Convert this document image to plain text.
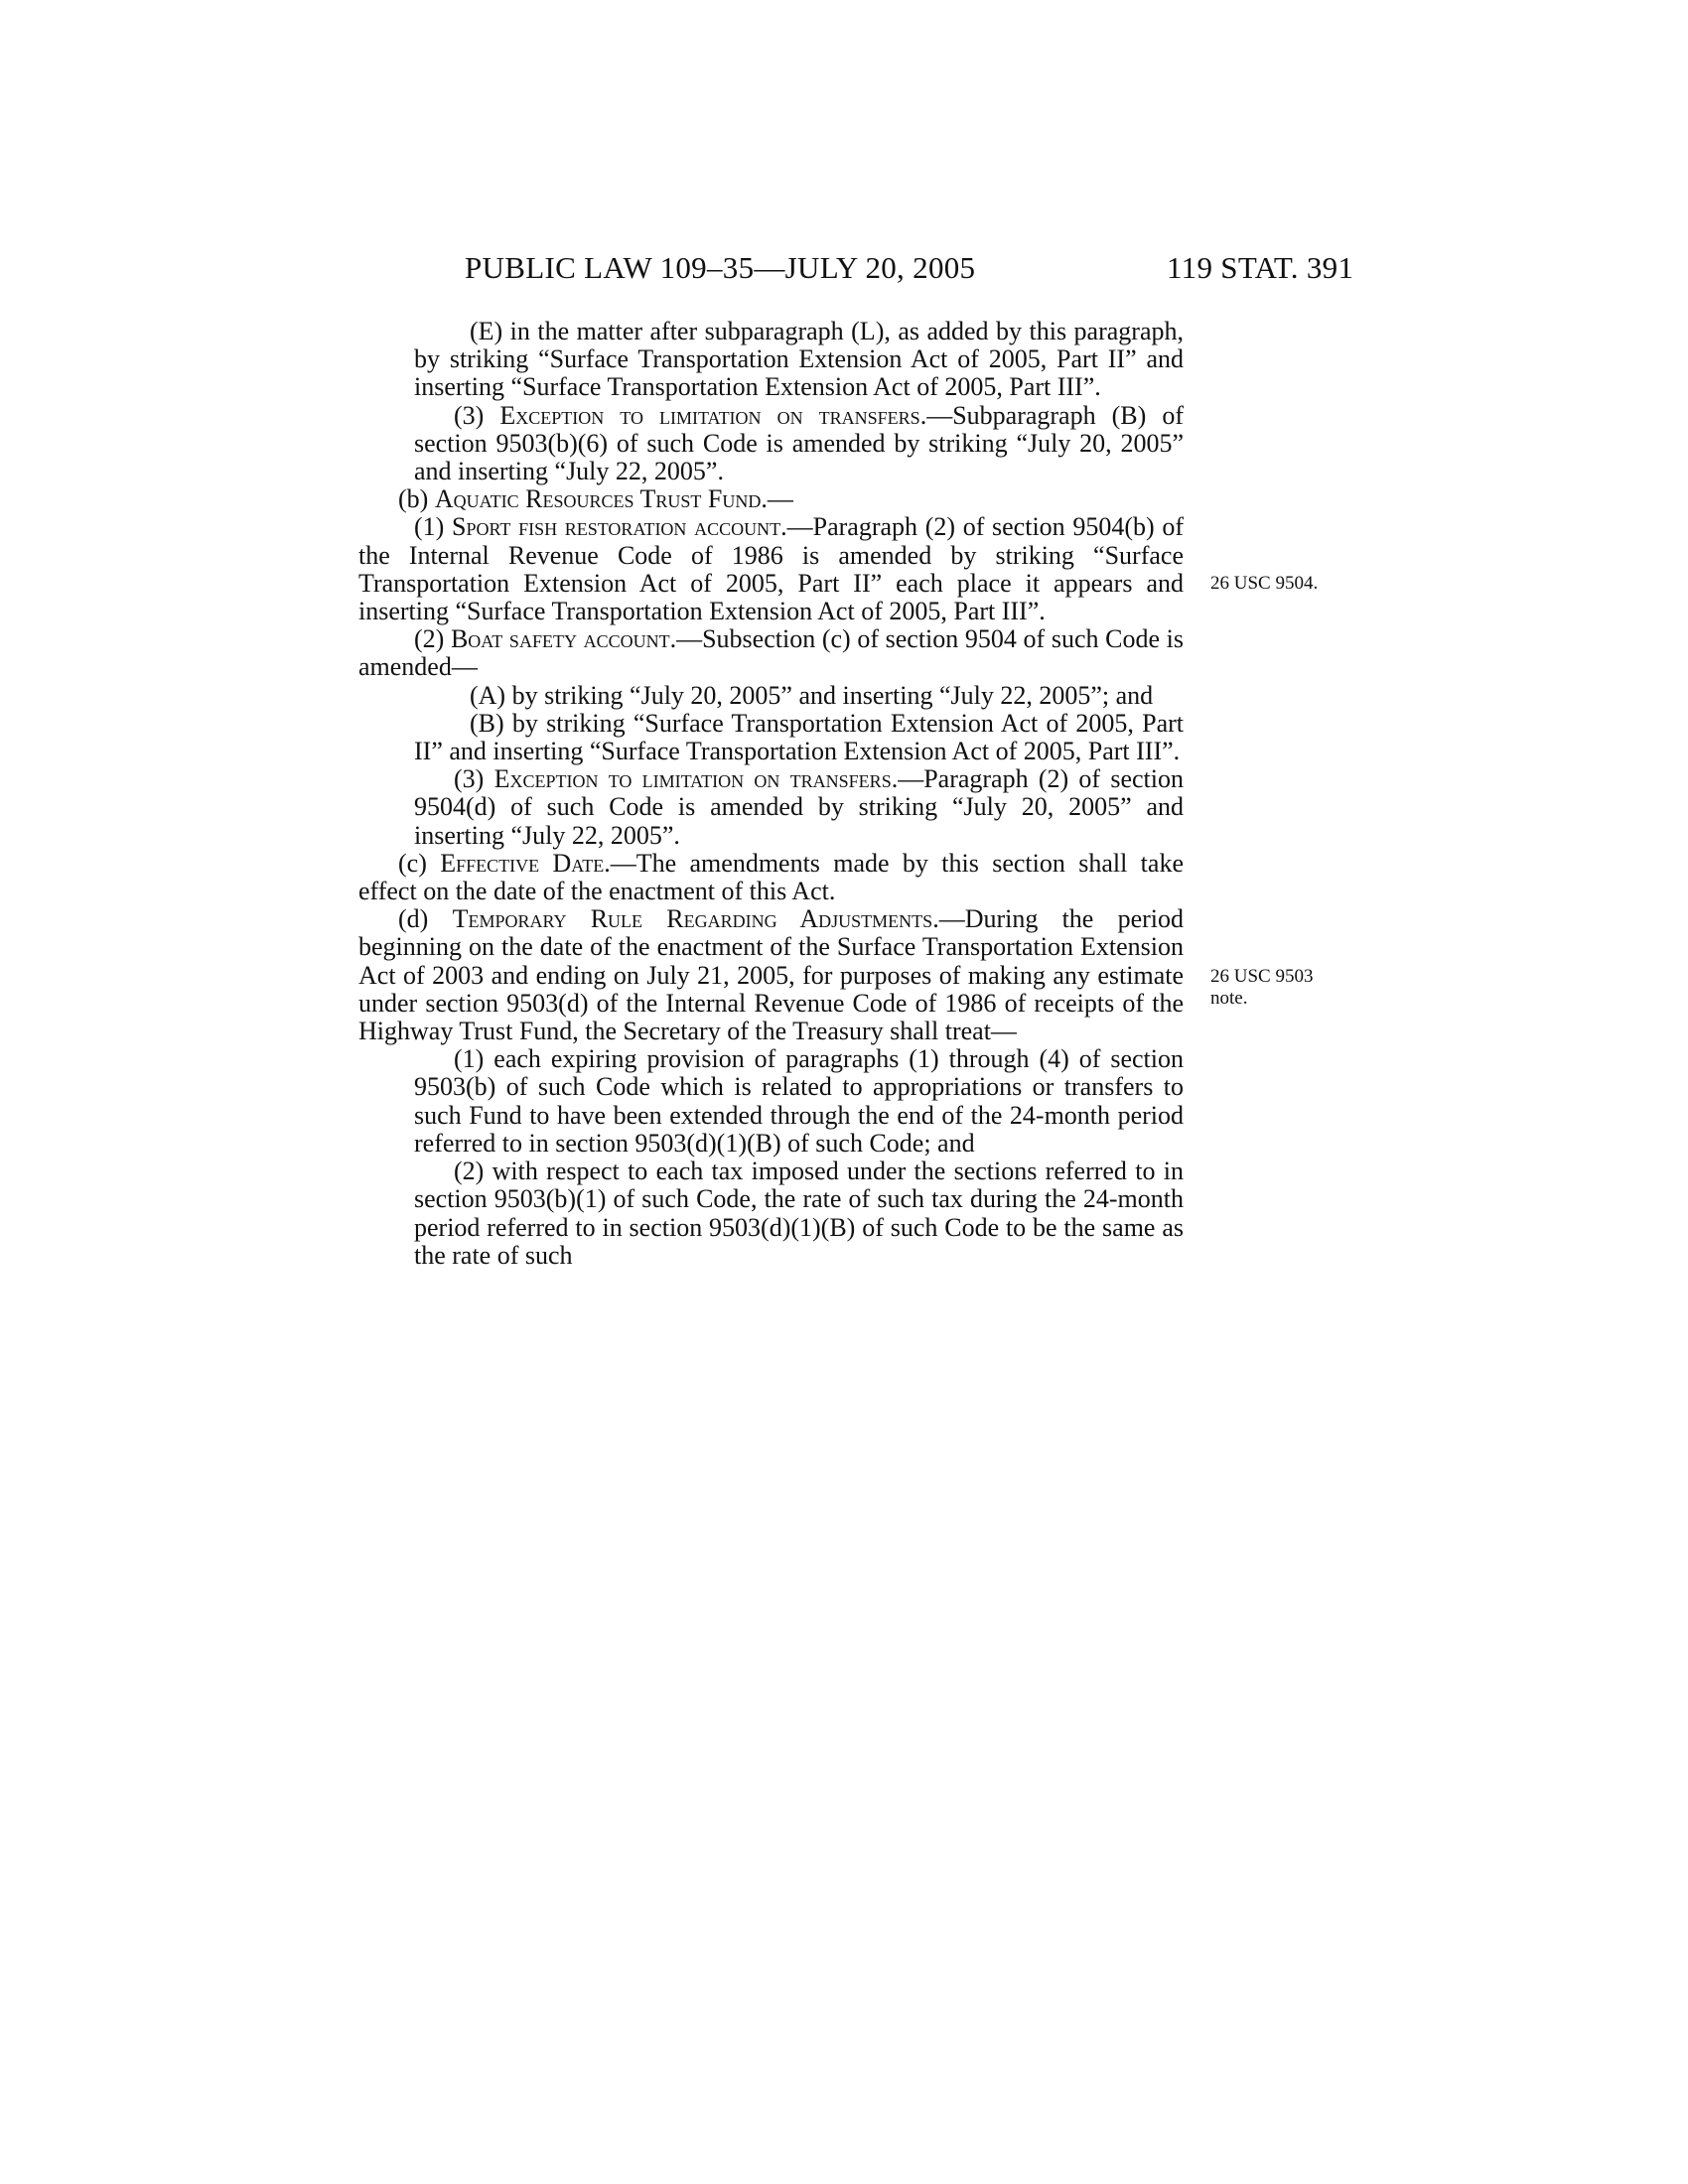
PUBLIC LAW 109–35—JULY 20, 2005	119 STAT. 391

(E) in the matter after subparagraph (L), as added by this paragraph, by striking “Surface Transportation Extension Act of 2005, Part II” and inserting “Surface Transportation Extension Act of 2005, Part III”.

(3) Exception to limitation on transfers.—Subparagraph (B) of section 9503(b)(6) of such Code is amended by striking “July 20, 2005” and inserting “July 22, 2005”.

(b) Aquatic Resources Trust Fund.—

(1) Sport fish restoration account.—Paragraph (2) of section 9504(b) of the Internal Revenue Code of 1986 is amended by striking “Surface Transportation Extension Act of 2005, Part II” each place it appears and inserting “Surface Transportation Extension Act of 2005, Part III”.

(2) Boat safety account.—Subsection (c) of section 9504 of such Code is amended—

(A) by striking “July 20, 2005” and inserting “July 22, 2005”; and

(B) by striking “Surface Transportation Extension Act of 2005, Part II” and inserting “Surface Transportation Extension Act of 2005, Part III”.

(3) Exception to limitation on transfers.—Paragraph (2) of section 9504(d) of such Code is amended by striking “July 20, 2005” and inserting “July 22, 2005”.

(c) Effective Date.—The amendments made by this section shall take effect on the date of the enactment of this Act.

(d) Temporary Rule Regarding Adjustments.—During the period beginning on the date of the enactment of the Surface Transportation Extension Act of 2003 and ending on July 21, 2005, for purposes of making any estimate under section 9503(d) of the Internal Revenue Code of 1986 of receipts of the Highway Trust Fund, the Secretary of the Treasury shall treat—

(1) each expiring provision of paragraphs (1) through (4) of section 9503(b) of such Code which is related to appropriations or transfers to such Fund to have been extended through the end of the 24-month period referred to in section 9503(d)(1)(B) of such Code; and

(2) with respect to each tax imposed under the sections referred to in section 9503(b)(1) of such Code, the rate of such tax during the 24-month period referred to in section 9503(d)(1)(B) of such Code to be the same as the rate of such

26 USC 9504.
26 USC 9503
note.
